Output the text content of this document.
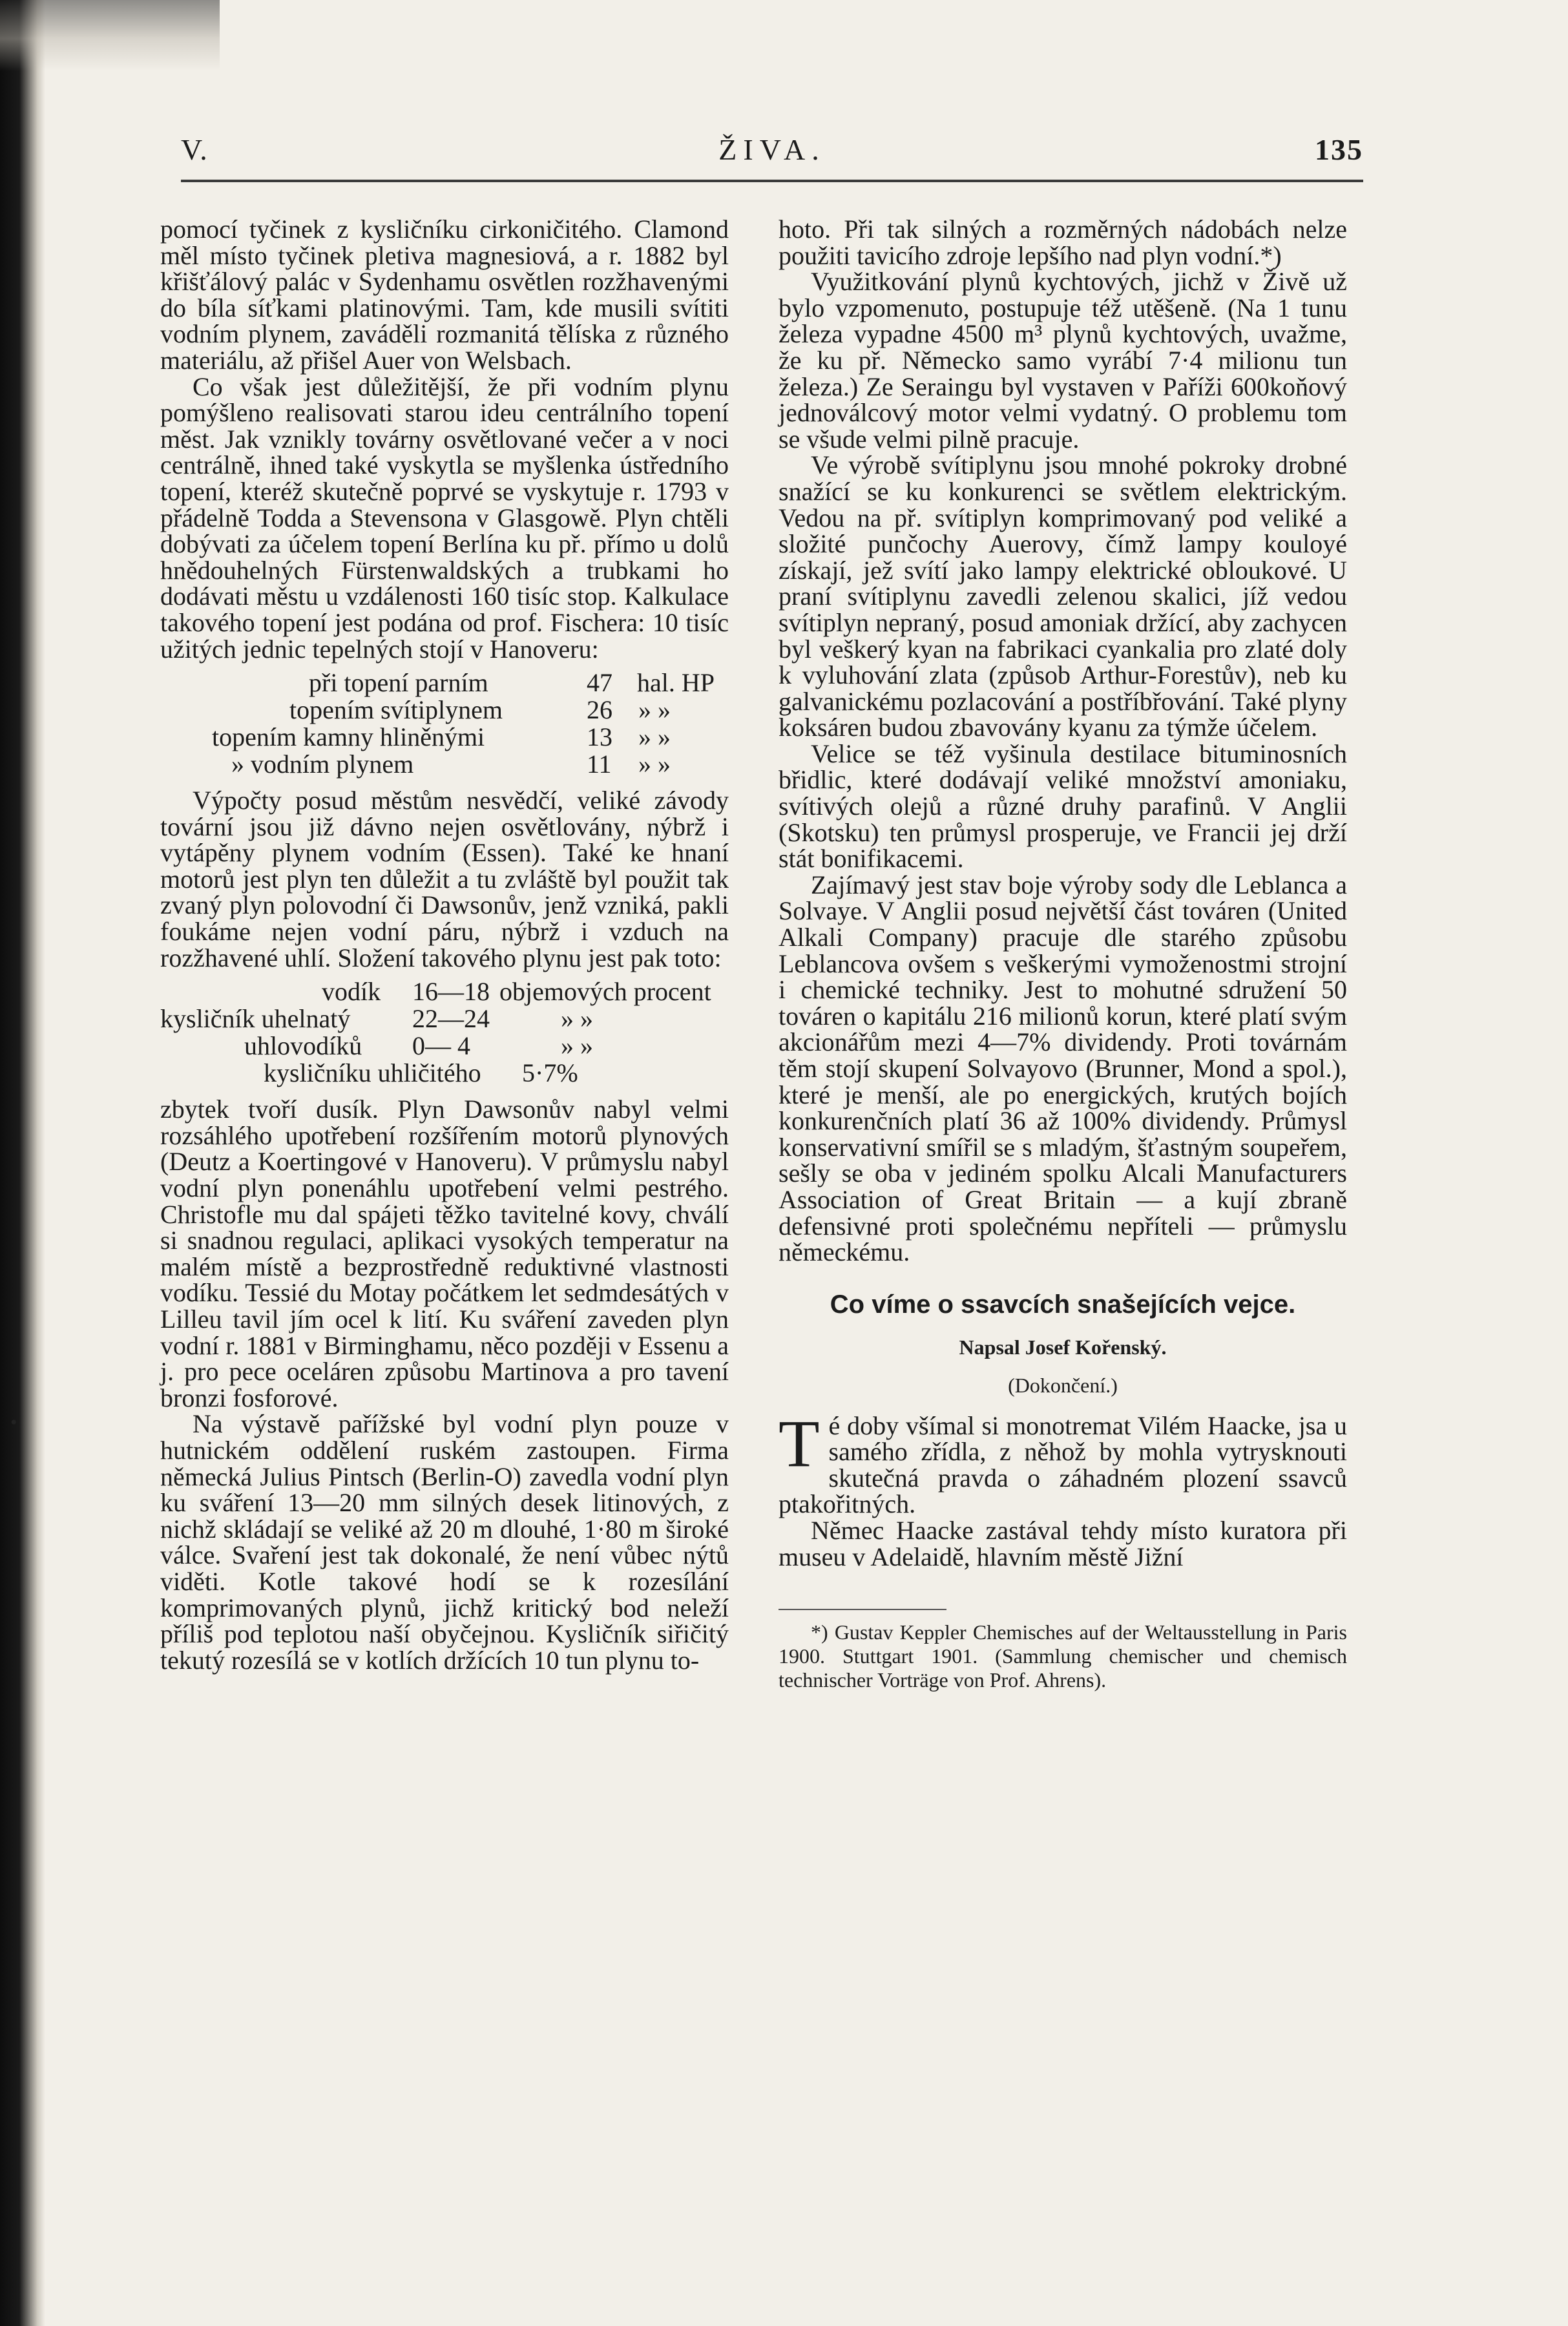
•
V.	ŽIVA.	135

pomocí tyčinek z kysličníku cirkoničitého. Clamond měl místo tyčinek pletiva magnesiová, a r. 1882 byl křišťálový palác v Sydenhamu osvětlen rozžhavenými do bíla síťkami platinovými. Tam, kde musili svítiti vodním plynem, zaváděli rozmanitá tělíska z různého materiálu, až přišel Auer von Welsbach.

Co však jest důležitější, že při vodním plynu pomýšleno realisovati starou ideu centrálního topení měst. Jak vznikly továrny osvětlované večer a v noci centrálně, ihned také vyskytla se myšlenka ústředního topení, kteréž skutečně poprvé se vyskytuje r. 1793 v přádelně Todda a Stevensona v Glasgowě. Plyn chtěli dobývati za účelem topení Berlína ku př. přímo u dolů hnědouhelných Fürstenwaldských a trubkami ho dodávati městu u vzdálenosti 160 tisíc stop. Kalkulace takového topení jest podána od prof. Fischera: 10 tisíc užitých jednic tepelných stojí v Hanoveru:

při topení parním	47 hal. HP
topením svítiplynem	26 » »
topením kamny hliněnými	13 » »
» vodním plynem	11 » »

Výpočty posud městům nesvědčí, veliké závody tovární jsou již dávno nejen osvětlovány, nýbrž i vytápěny plynem vodním (Essen). Také ke hnaní motorů jest plyn ten důležit a tu zvláště byl použit tak zvaný plyn polovodní či Dawsonův, jenž vzniká, pakli foukáme nejen vodní páru, nýbrž i vzduch na rozžhavené uhlí. Složení takového plynu jest pak toto:

vodík 16—18 objemových procent
kysličník uhelnatý 22—24	» »
uhlovodíků 0— 4	» »
kysličníku uhličitého 5·7%

zbytek tvoří dusík. Plyn Dawsonův nabyl velmi rozsáhlého upotřebení rozšířením motorů plynových (Deutz a Koertingové v Hanoveru). V průmyslu nabyl vodní plyn ponenáhlu upotřebení velmi pestrého. Christofle mu dal spájeti těžko tavitelné kovy, chválí si snadnou regulaci, aplikaci vysokých temperatur na malém místě a bezprostředně reduktivné vlastnosti vodíku. Tessié du Motay počátkem let sedmdesátých v Lilleu tavil jím ocel k lití. Ku sváření zaveden plyn vodní r. 1881 v Birminghamu, něco později v Essenu a j. pro pece oceláren způsobu Martinova a pro tavení bronzi fosforové.

Na výstavě pařížské byl vodní plyn pouze v hutnickém oddělení ruském zastoupen. Firma německá Julius Pintsch (Berlin-O) zavedla vodní plyn ku sváření 13—20 mm silných desek litinových, z nichž skládají se veliké až 20 m dlouhé, 1·80 m široké válce. Svaření jest tak dokonalé, že není vůbec nýtů viděti. Kotle takové hodí se k rozesílání komprimovaných plynů, jichž kritický bod neleží příliš pod teplotou naší obyčejnou. Kysličník siřičitý tekutý rozesílá se v kotlích držících 10 tun plynu to-

hoto. Při tak silných a rozměrných nádobách nelze použiti tavicího zdroje lepšího nad plyn vodní.*)

Využitkování plynů kychtových, jichž v Živě už bylo vzpomenuto, postupuje též utěšeně. (Na 1 tunu železa vypadne 4500 m³ plynů kychtových, uvažme, že ku př. Německo samo vyrábí 7·4 milionu tun železa.) Ze Seraingu byl vystaven v Paříži 600koňový jednoválcový motor velmi vydatný. O problemu tom se všude velmi pilně pracuje.

Ve výrobě svítiplynu jsou mnohé pokroky drobné snažící se ku konkurenci se světlem elektrickým. Vedou na př. svítiplyn komprimovaný pod veliké a složité punčochy Auerovy, čímž lampy kouloyé získají, jež svítí jako lampy elektrické obloukové. U praní svítiplynu zavedli zelenou skalici, jíž vedou svítiplyn nepraný, posud amoniak držící, aby zachycen byl veškerý kyan na fabrikaci cyankalia pro zlaté doly k vyluhování zlata (způsob Arthur-Forestův), neb ku galvanickému pozlacování a postříbřování. Také plyny koksáren budou zbavovány kyanu za týmže účelem.

Velice se též vyšinula destilace bituminosních břidlic, které dodávají veliké množství amoniaku, svítivých olejů a různé druhy parafinů. V Anglii (Skotsku) ten průmysl prosperuje, ve Francii jej drží stát bonifikacemi.

Zajímavý jest stav boje výroby sody dle Leblanca a Solvaye. V Anglii posud největší část továren (United Alkali Company) pracuje dle starého způsobu Leblancova ovšem s veškerými vymoženostmi strojní i chemické techniky. Jest to mohutné sdružení 50 továren o kapitálu 216 milionů korun, které platí svým akcionářům mezi 4—7% dividendy. Proti továrnám těm stojí skupení Solvayovo (Brunner, Mond a spol.), které je menší, ale po energických, krutých bojích konkurenčních platí 36 až 100% dividendy. Průmysl konservativní smířil se s mladým, šťastným soupeřem, sešly se oba v jediném spolku Alcali Manufacturers Association of Great Britain — a kují zbraně defensivné proti společnému nepříteli — průmyslu německému.

Co víme o ssavcích snašejících vejce.
Napsal Josef Kořenský.
(Dokončení.)

T é doby všímal si monotremat Vilém Haacke, jsa u samého zřídla, z něhož by mohla vytrysknouti skutečná pravda o záhadném plození ssavců ptakořitných.

Němec Haacke zastával tehdy místo kuratora při museu v Adelaidě, hlavním městě Jižní

*) Gustav Keppler Chemisches auf der Weltausstellung in Paris 1900. Stuttgart 1901. (Sammlung chemischer und chemisch technischer Vorträge von Prof. Ahrens).
